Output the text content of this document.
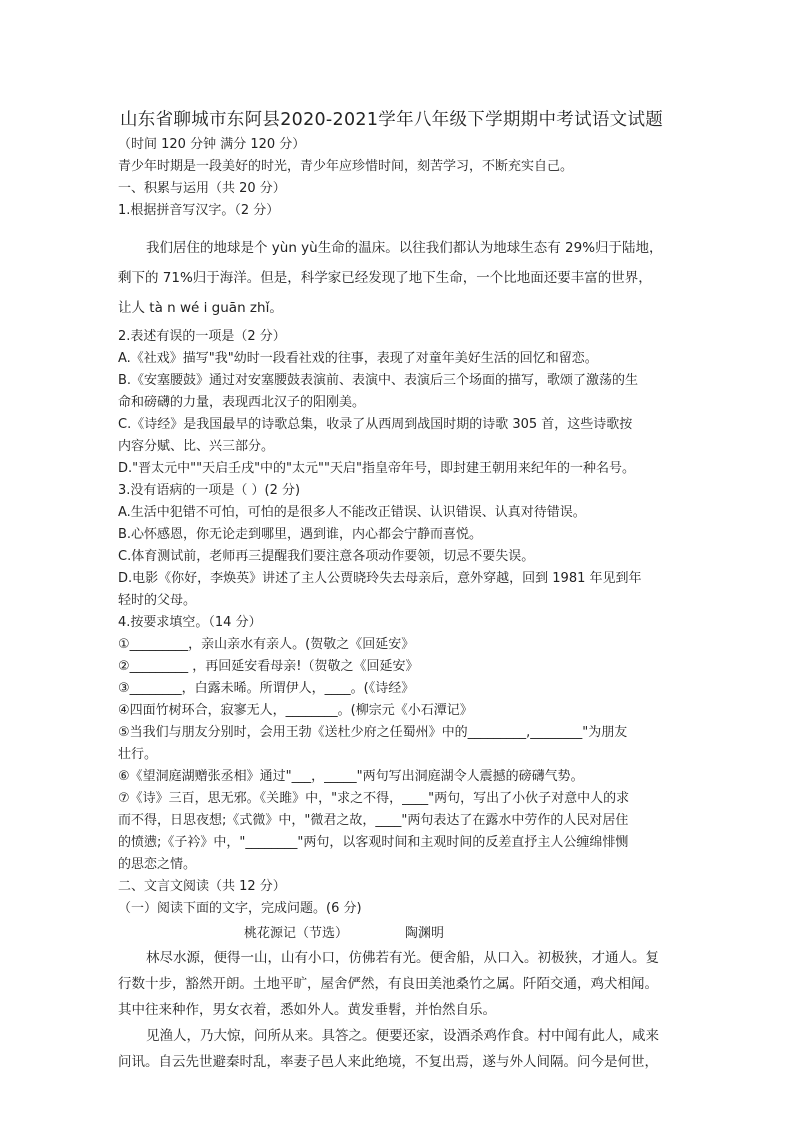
山东省聊城市东阿县2020-2021学年八年级下学期期中考试语文试题
（时间 120 分钟 满分 120 分）
青少年时期是一段美好的时光，青少年应珍惜时间，刻苦学习，不断充实自己。
一、积累与运用（共 20 分）
1.根据拼音写汉字。（2 分）
我们居住的地球是个 yùn yù生命的温床。以往我们都认为地球生态有 29%归于陆地，
剩下的 71%归于海洋。但是，科学家已经发现了地下生命，一个比地面还要丰富的世界，
让人 tà n wé i guān zhǐ。
2.表述有误的一项是（2 分）
A.《社戏》描写"我"幼时一段看社戏的往事，表现了对童年美好生活的回忆和留恋。
B.《安塞腰鼓》通过对安塞腰鼓表演前、表演中、表演后三个场面的描写，歌颂了激荡的生
命和磅礴的力量，表现西北汉子的阳刚美。
C.《诗经》是我国最早的诗歌总集，收录了从西周到战国时期的诗歌 305 首，这些诗歌按
内容分赋、比、兴三部分。
D."晋太元中""天启壬戌"中的"太元""天启"指皇帝年号，即封建王朝用来纪年的一种名号。
3.没有语病的一项是（ ）(2 分)
A.生活中犯错不可怕，可怕的是很多人不能改正错误、认识错误、认真对待错误。
B.心怀感恩，你无论走到哪里，遇到谁，内心都会宁静而喜悦。
C.体育测试前，老师再三提醒我们要注意各项动作要领，切忌不要失误。
D.电影《你好，李焕英》讲述了主人公贾晓玲失去母亲后，意外穿越，回到 1981 年见到年
轻时的父母。
4.按要求填空。（14 分）
①_________，亲山亲水有亲人。(贺敬之《回延安》
②_________ ，再回延安看母亲!（贺敬之《回延安》
③________，白露未晞。所谓伊人，____。(《诗经》
④四面竹树环合，寂寥无人，________。(柳宗元《小石潭记》
⑤当我们与朋友分别时，会用王勃《送杜少府之任蜀州》中的_________,________"为朋友
壮行。
⑥《望洞庭湖赠张丞相》通过"___，_____"两句写出洞庭湖令人震撼的磅礴气势。
⑦《诗》三百，思无邪。《关雎》中，"求之不得，____"两句，写出了小伙子对意中人的求
而不得，日思夜想;《式微》中，"微君之故，____"两句表达了在露水中劳作的人民对居住
的愤懑;《子衿》中，"________"两句，以客观时间和主观时间的反差直抒主人公缠绵悱恻
的思恋之情。
二、文言文阅读（共 12 分）
（一）阅读下面的文字，完成问题。(6 分)
桃花源记（节选）	陶渊明
林尽水源，便得一山，山有小口，仿佛若有光。便舍船，从口入。初极狭，才通人。复
行数十步，豁然开朗。土地平旷，屋舍俨然，有良田美池桑竹之属。阡陌交通，鸡犬相闻。
其中往来种作，男女衣着，悉如外人。黄发垂髫，并怡然自乐。
见渔人，乃大惊，问所从来。具答之。便要还家，设酒杀鸡作食。村中闻有此人，咸来
问讯。自云先世避秦时乱，率妻子邑人来此绝境，不复出焉，遂与外人间隔。问今是何世，
